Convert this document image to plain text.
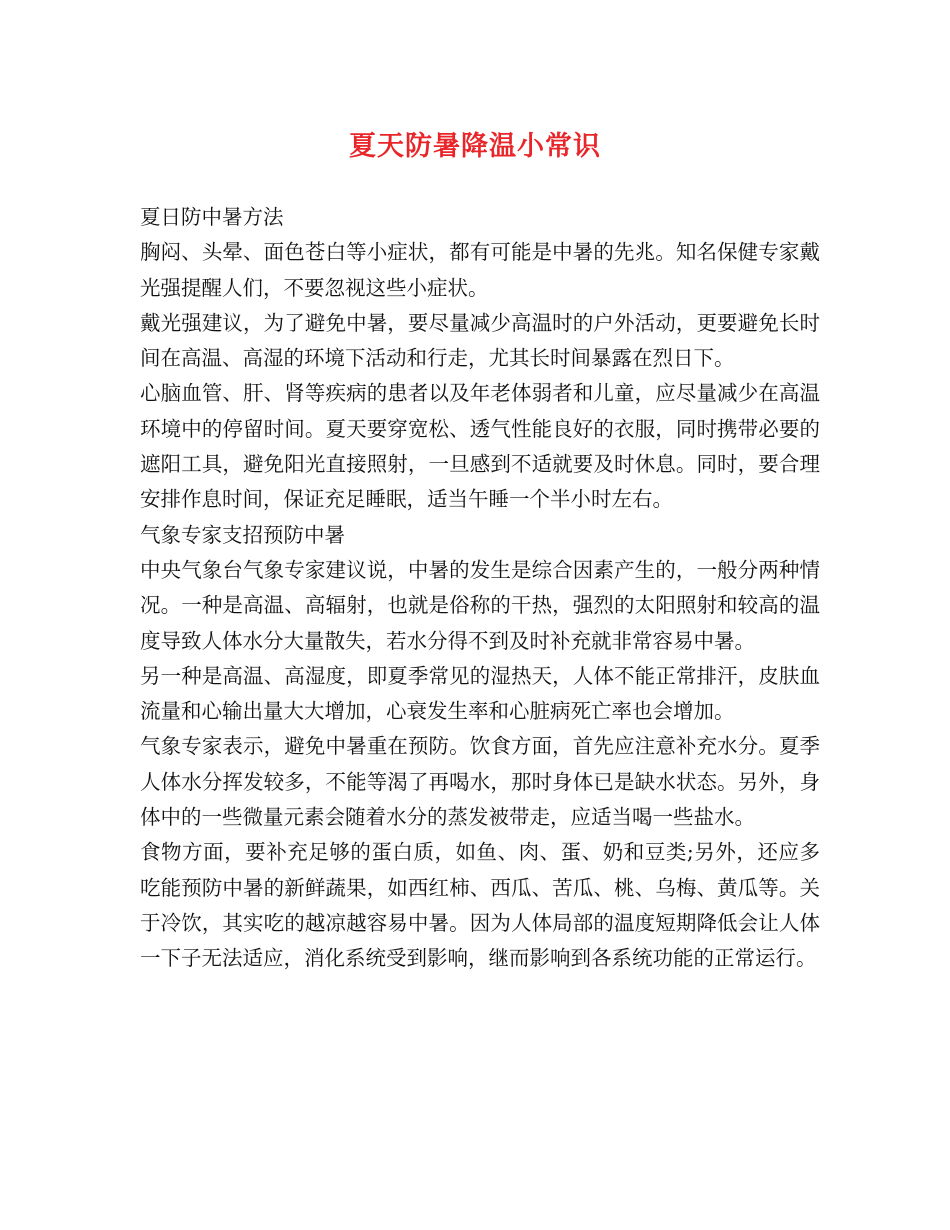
夏天防暑降温小常识

夏日防中暑方法

胸闷、头晕、面色苍白等小症状，都有可能是中暑的先兆。知名保健专家戴光强提醒人们，不要忽视这些小症状。

戴光强建议，为了避免中暑，要尽量减少高温时的户外活动，更要避免长时间在高温、高湿的环境下活动和行走，尤其长时间暴露在烈日下。

心脑血管、肝、肾等疾病的患者以及年老体弱者和儿童，应尽量减少在高温环境中的停留时间。夏天要穿宽松、透气性能良好的衣服，同时携带必要的遮阳工具，避免阳光直接照射，一旦感到不适就要及时休息。同时，要合理安排作息时间，保证充足睡眠，适当午睡一个半小时左右。

气象专家支招预防中暑

中央气象台气象专家建议说，中暑的发生是综合因素产生的，一般分两种情况。一种是高温、高辐射，也就是俗称的干热，强烈的太阳照射和较高的温度导致人体水分大量散失，若水分得不到及时补充就非常容易中暑。

另一种是高温、高湿度，即夏季常见的湿热天，人体不能正常排汗，皮肤血流量和心输出量大大增加，心衰发生率和心脏病死亡率也会增加。

气象专家表示，避免中暑重在预防。饮食方面，首先应注意补充水分。夏季人体水分挥发较多，不能等渴了再喝水，那时身体已是缺水状态。另外，身体中的一些微量元素会随着水分的蒸发被带走，应适当喝一些盐水。

食物方面，要补充足够的蛋白质，如鱼、肉、蛋、奶和豆类;另外，还应多吃能预防中暑的新鲜蔬果，如西红柿、西瓜、苦瓜、桃、乌梅、黄瓜等。关于冷饮，其实吃的越凉越容易中暑。因为人体局部的温度短期降低会让人体一下子无法适应，消化系统受到影响，继而影响到各系统功能的正常运行。
